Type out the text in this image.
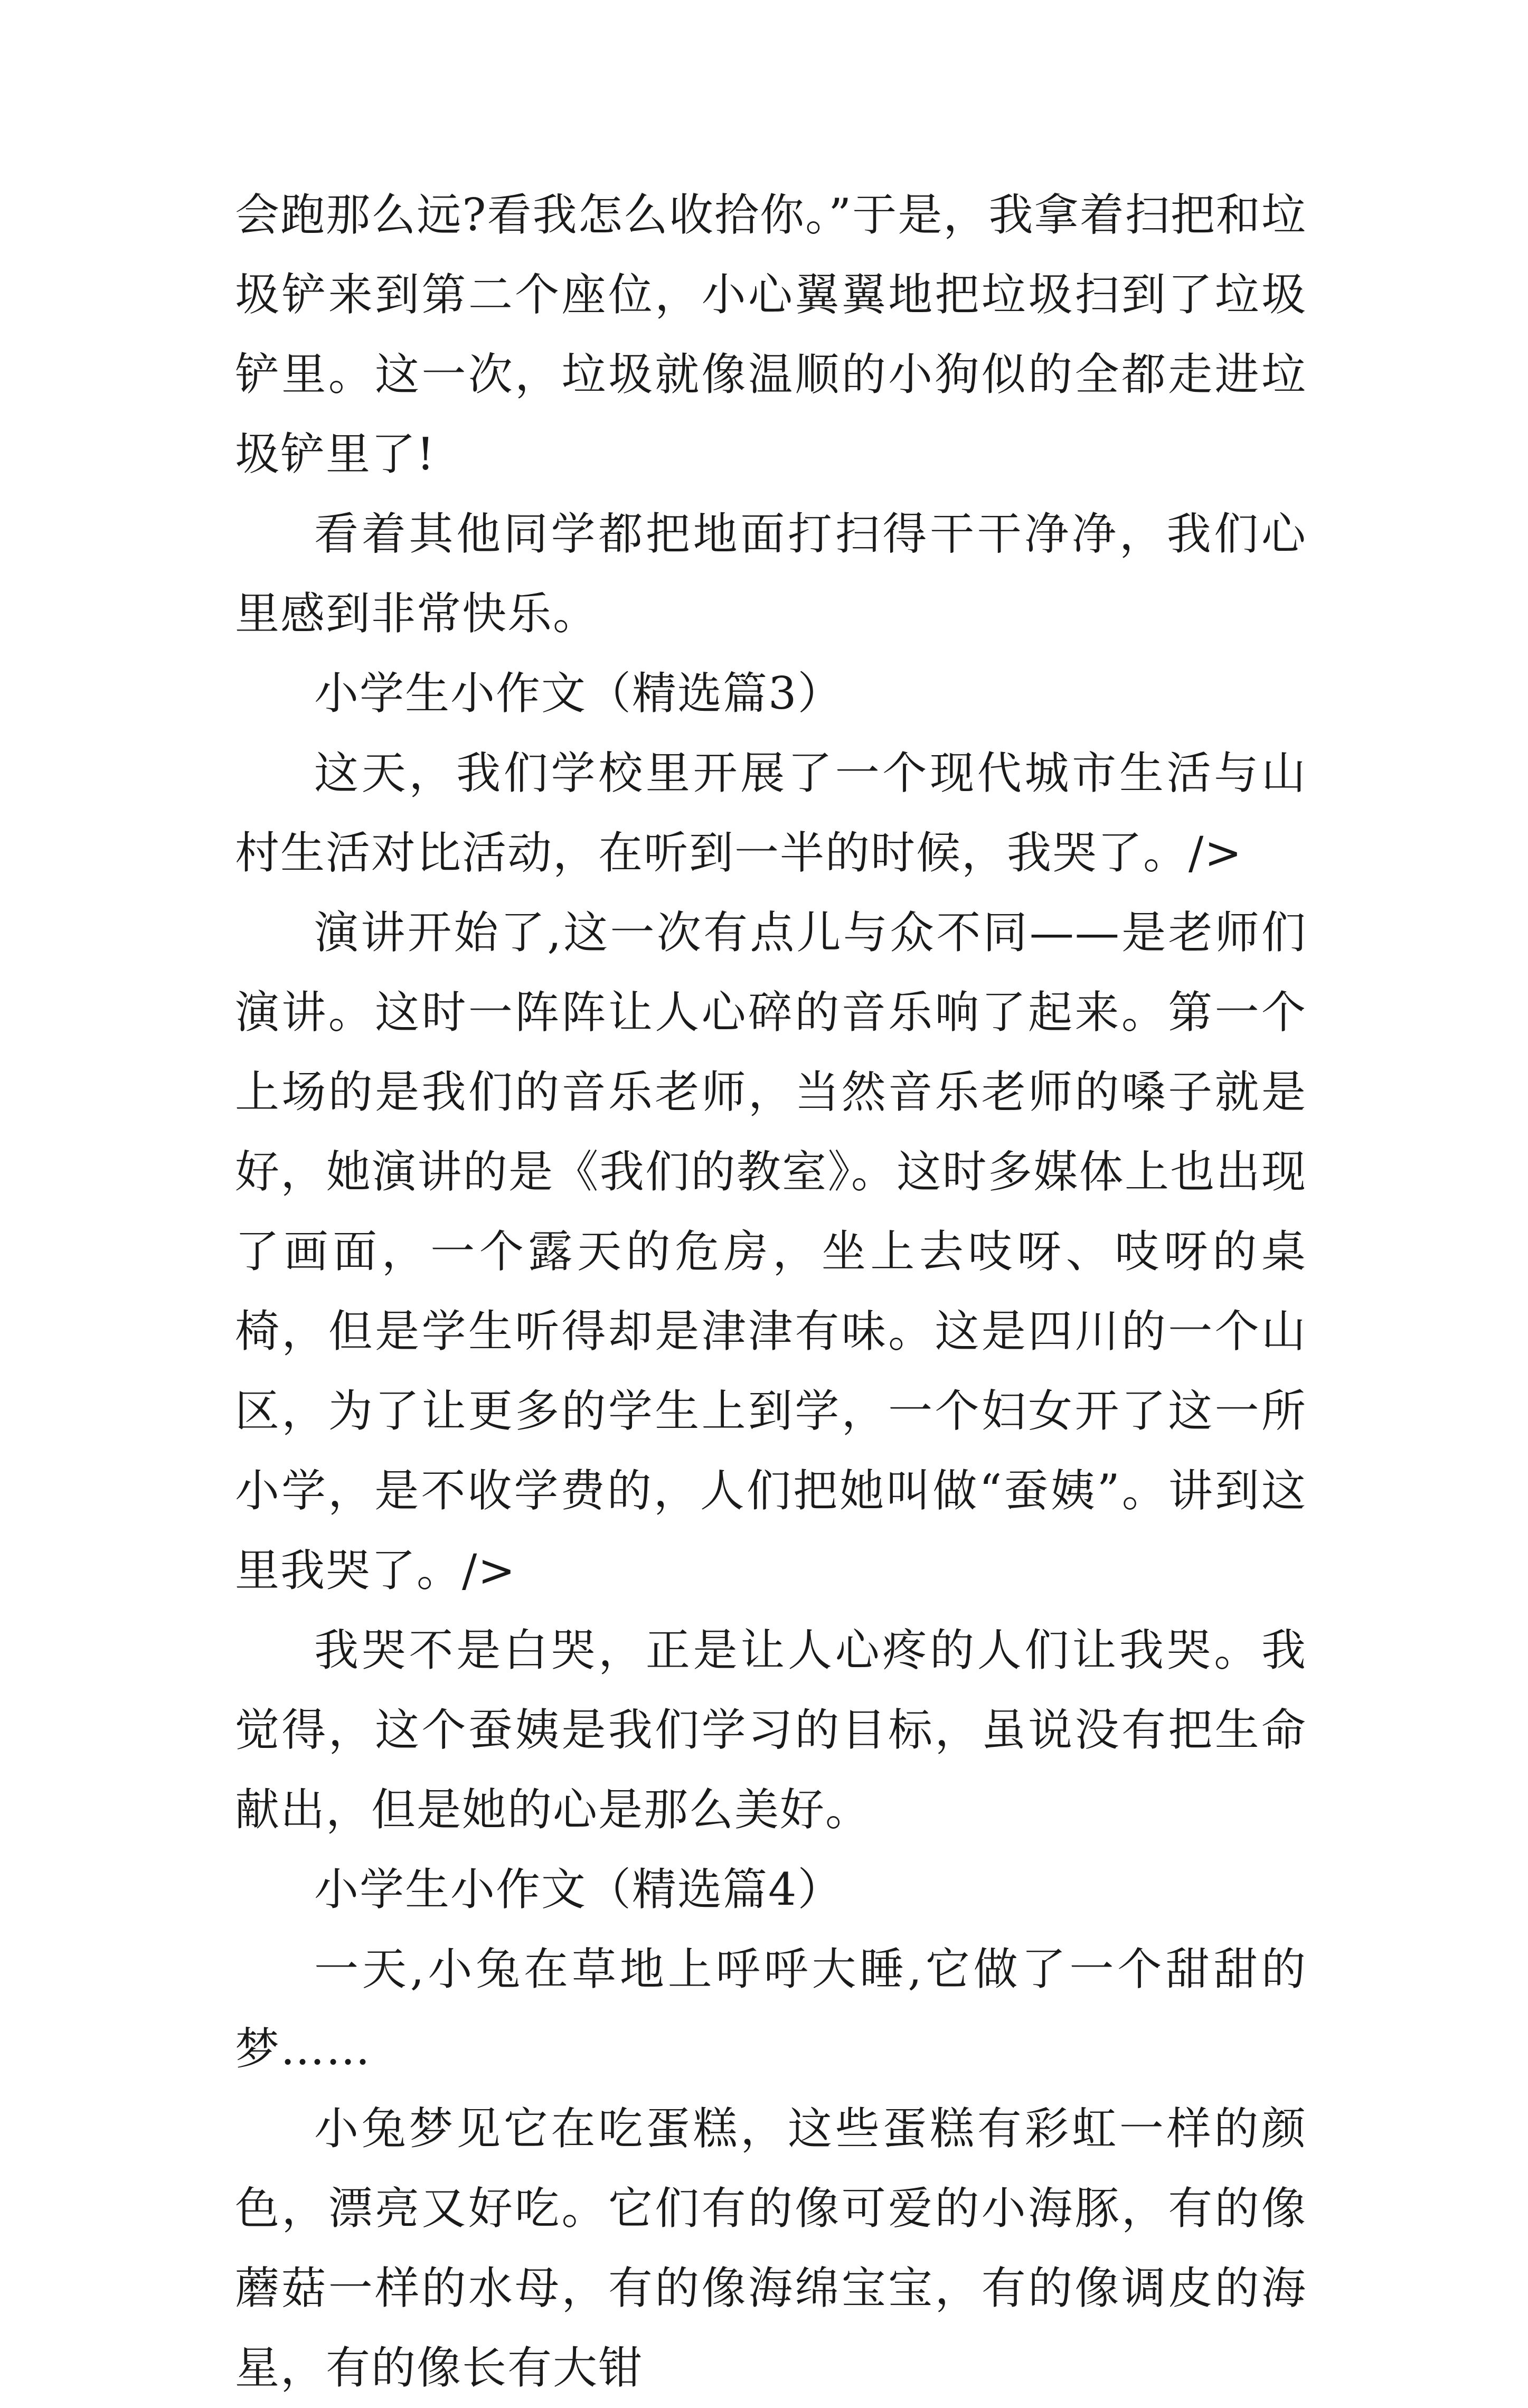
会跑那么远?看我怎么收拾你。”于是，我拿着扫把和垃圾铲来到第二个座位，小心翼翼地把垃圾扫到了垃圾铲里。这一次，垃圾就像温顺的小狗似的全都走进垃圾铲里了!

看着其他同学都把地面打扫得干干净净，我们心里感到非常快乐。

小学生小作文（精选篇3）

这天，我们学校里开展了一个现代城市生活与山村生活对比活动，在听到一半的时候，我哭了。/>

演讲开始了,这一次有点儿与众不同——是老师们演讲。这时一阵阵让人心碎的音乐响了起来。第一个上场的是我们的音乐老师，当然音乐老师的嗓子就是好，她演讲的是《我们的教室》。这时多媒体上也出现了画面，一个露天的危房，坐上去吱呀、吱呀的桌椅，但是学生听得却是津津有味。这是四川的一个山区，为了让更多的学生上到学，一个妇女开了这一所小学，是不收学费的，人们把她叫做“蚕姨”。讲到这里我哭了。/>

我哭不是白哭，正是让人心疼的人们让我哭。我觉得，这个蚕姨是我们学习的目标，虽说没有把生命献出，但是她的心是那么美好。

小学生小作文（精选篇4）

一天,小兔在草地上呼呼大睡,它做了一个甜甜的梦……

小兔梦见它在吃蛋糕，这些蛋糕有彩虹一样的颜色，漂亮又好吃。它们有的像可爱的小海豚，有的像蘑菇一样的水母，有的像海绵宝宝，有的像调皮的海星，有的像长有大钳
